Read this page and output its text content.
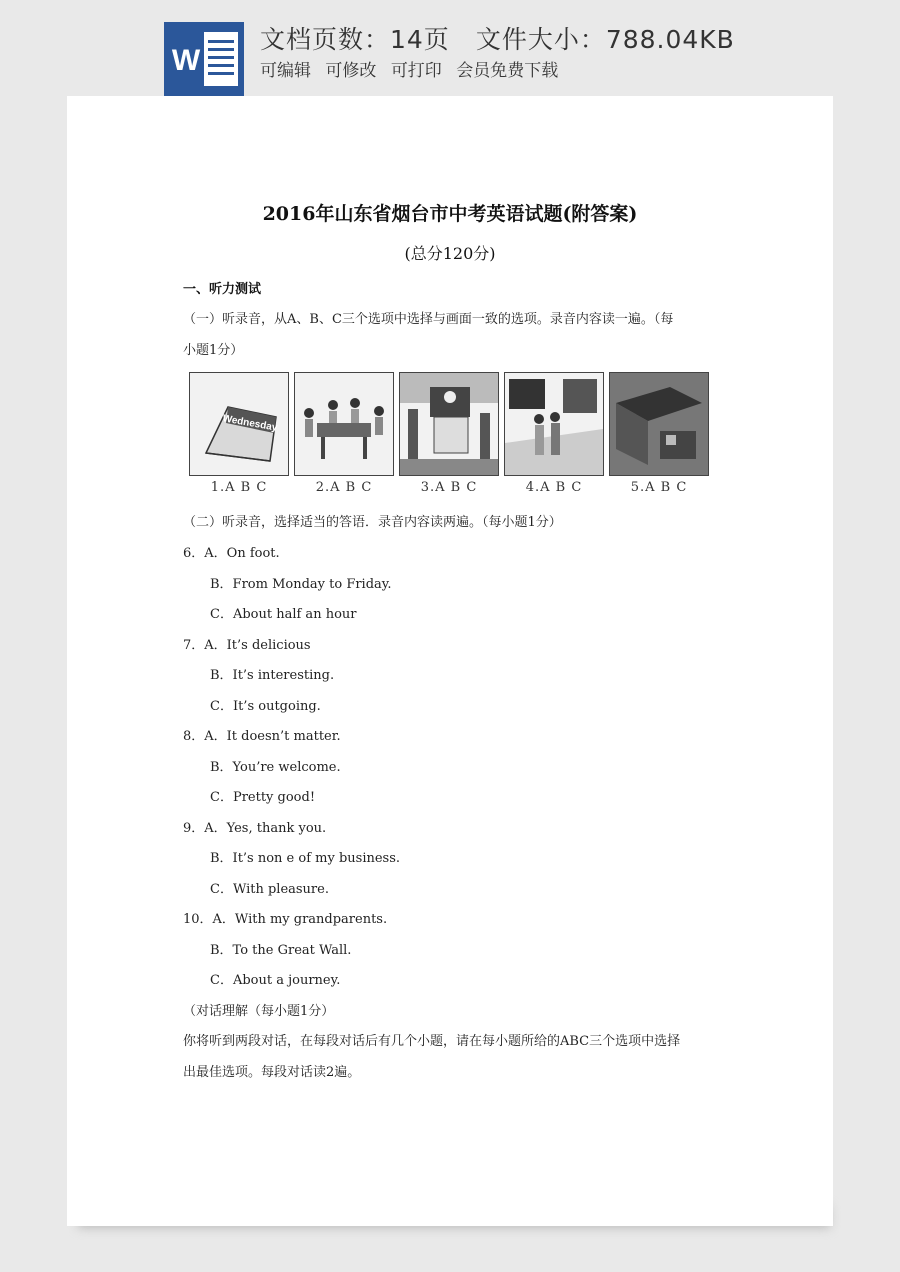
W
文档页数：14页 文件大小：788.04KB
可编辑 可修改 可打印 会员免费下载
2016年山东省烟台市中考英语试题(附答案)
(总分120分)
一、听力测试
（一）听录音，从A、B、C三个选项中选择与画面一致的选项。录音内容读一遍。（每
小题1分）
Wednesday
1.A B C	2.A B C	3.A B C	4.A B C	5.A B C
（二）听录音，选择适当的答语．录音内容读两遍。（每小题1分）
6．A．On foot.
B．From Monday to Friday.
C．About half an hour
7．A．It’s delicious
B．It’s interesting.
C．It’s outgoing.
8．A．It doesn’t matter.
B．You’re welcome.
C．Pretty good!
9．A．Yes, thank you.
B．It’s non e of my business.
C．With pleasure.
10．A．With my grandparents.
B．To the Great Wall.
C．About a journey.
（对话理解（每小题1分）
你将听到两段对话，在每段对话后有几个小题，请在每小题所给的ABC三个选项中选择
出最佳选项。每段对话读2遍。
